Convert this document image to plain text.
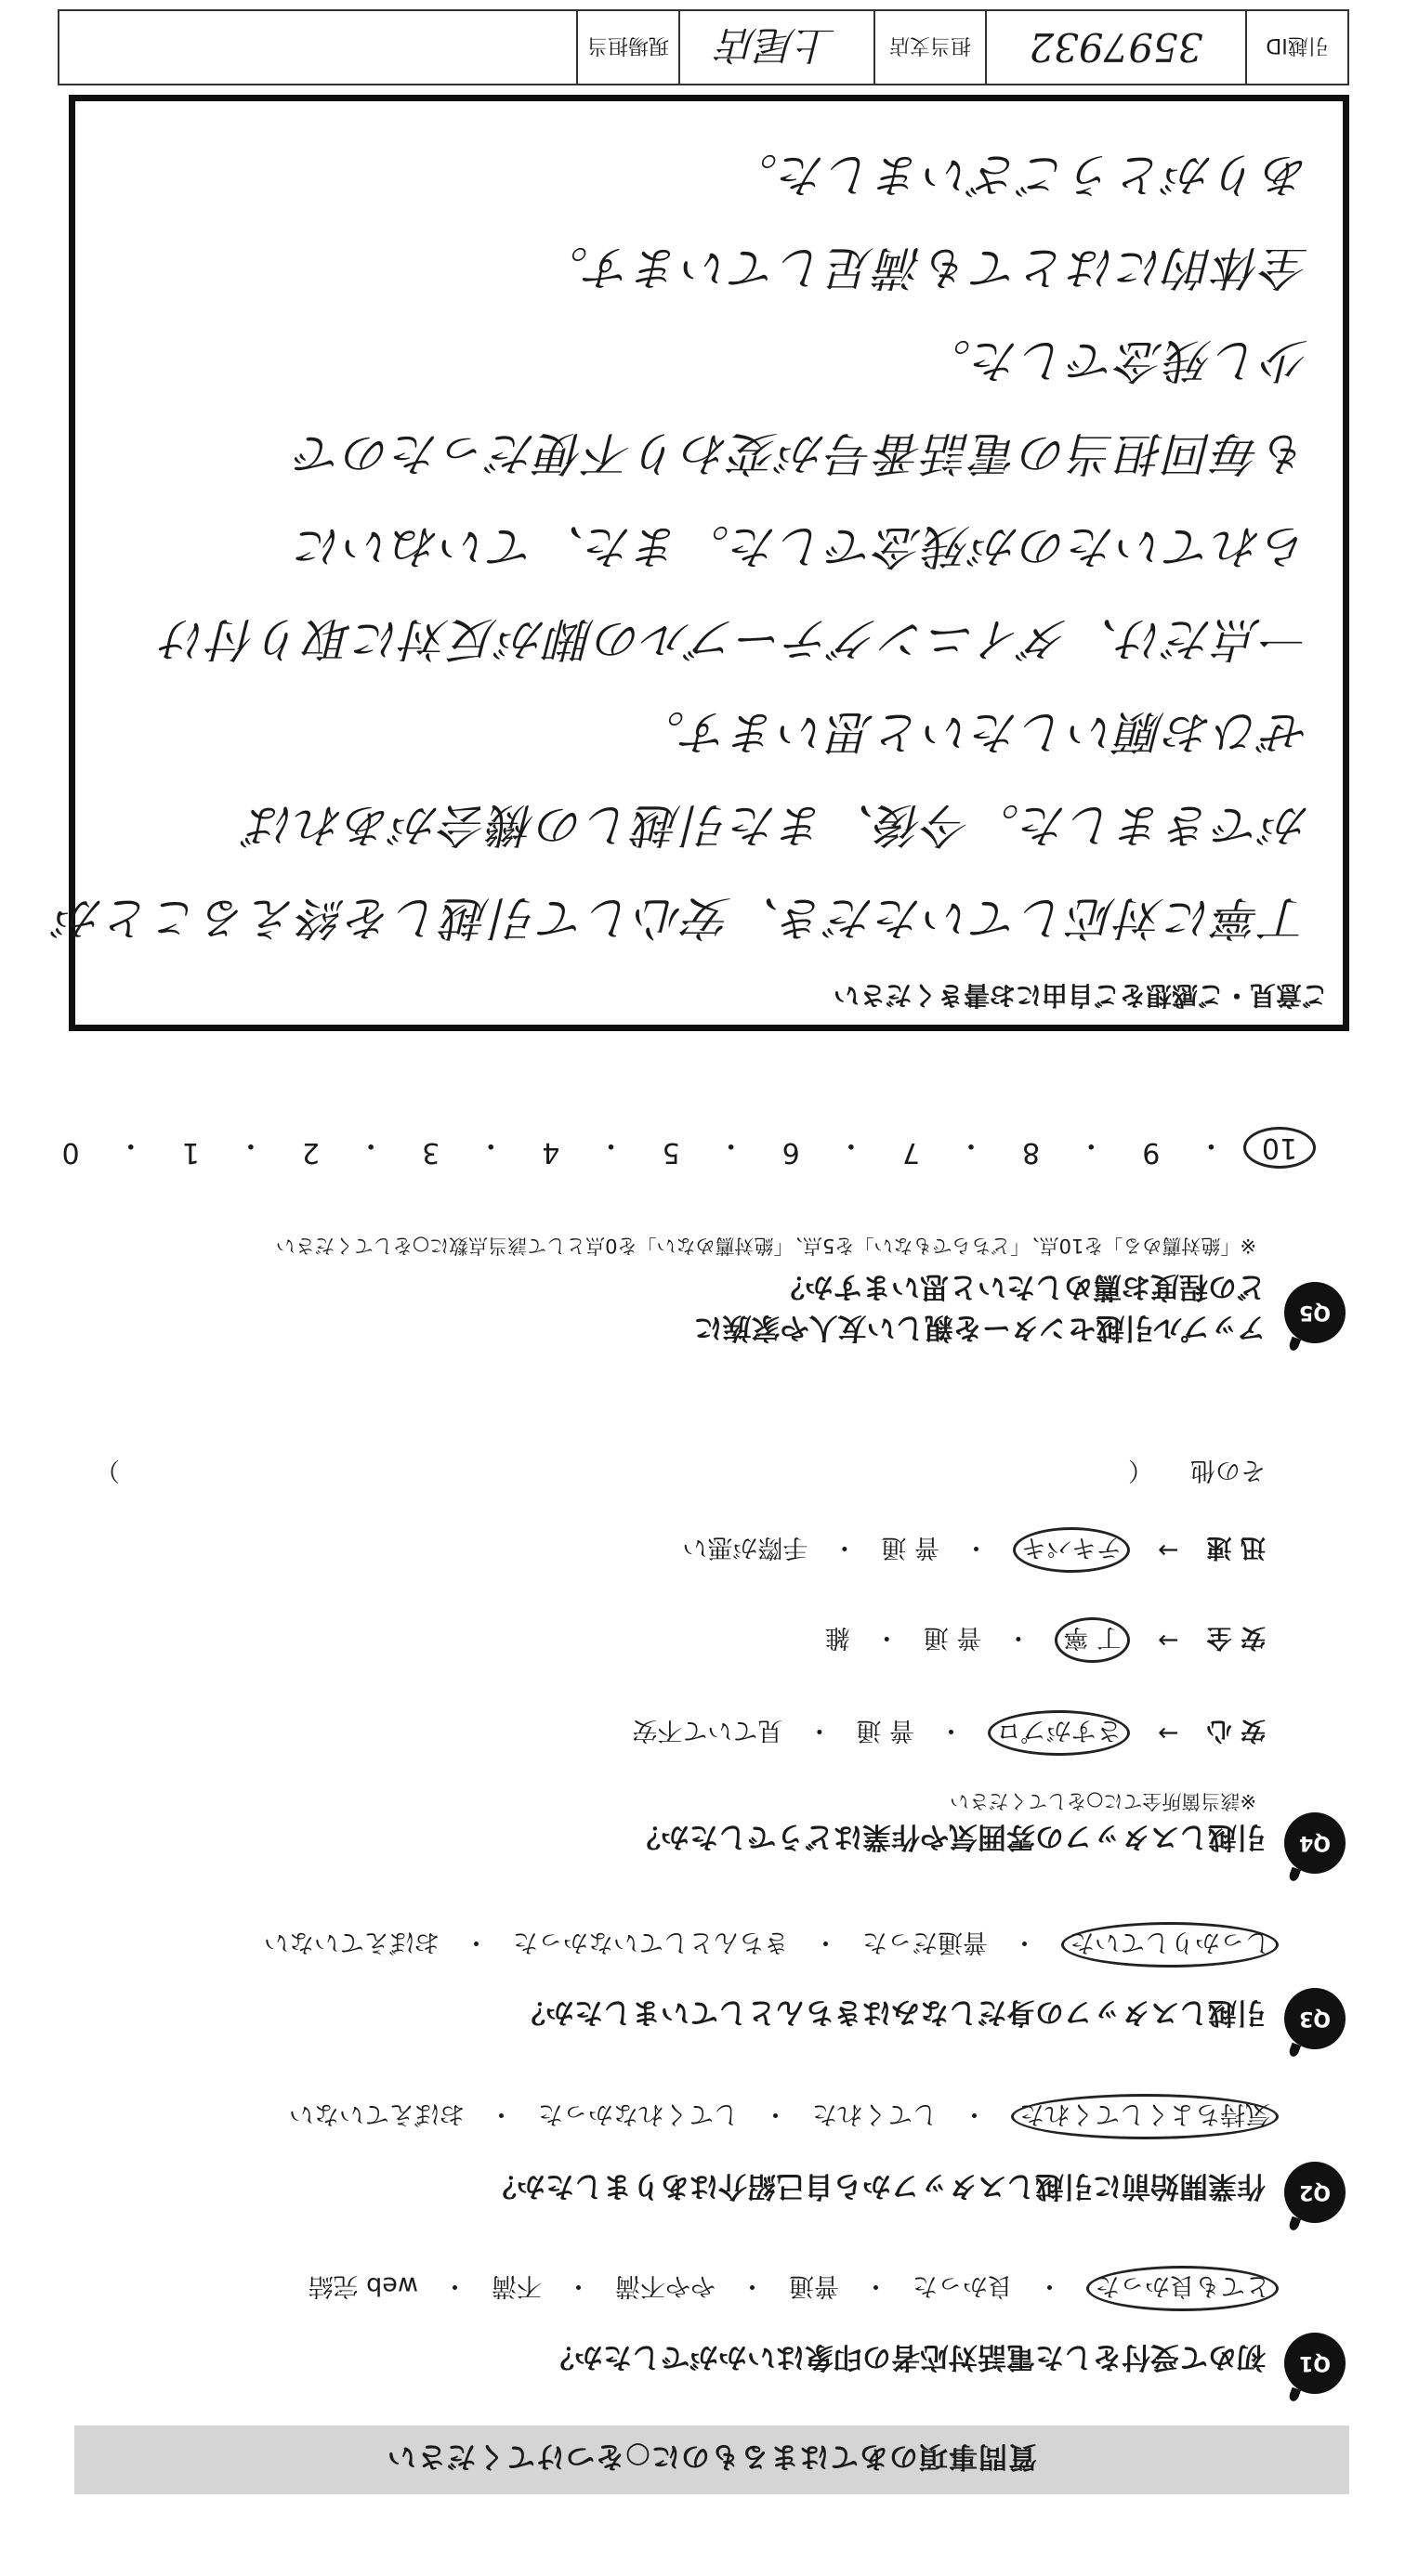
質問事項のあてはまるものに○をつけてください
Q1
初めて受付をした電話対応者の印象はいかがでしたか？
とても良かった
・
良かった
・
普通
・
やや不満
・
不満
・
web 完結
Q2
作業開始前に引越しスタッフから自己紹介はありましたか？
気持ちよくしてくれた
・
してくれた
・
してくれなかった
・
おぼえていない
Q3
引越しスタッフの身だしなみはきちんとしていましたか？
しっかりしていた
・
普通だった
・
きちんとしていなかった
・
おぼえていない
Q4
引越しスタッフの雰囲気や作業はどうでしたか？
※該当箇所全てに○をしてください
安 心
→
さすがプロ
・
普 通
・
見ていて不安
安 全
→
丁 寧
・
普 通
・
雑
迅 速
→
テキパキ
・
普 通
・
手際が悪い
その他
（
）
Q5
アップル引越センターを親しい友人や家族に
どの程度お薦めしたいと思いますか？
※「絶対薦める」を10点、「どちらでもない」を5点、「絶対薦めない」を0点として該当点数に○をしてください
10
・
9
・
8
・
7
・
6
・
5
・
4
・
3
・
2
・
1
・
0
ご意見・ご感想をご自由にお書きください
丁寧に対応していただき、安心して引越しを終えることが
ができました。今後、また引越しの機会があれば
ぜひお願いしたいと思います。
一点だけ、ダイニングテーブルの脚が反対に取り付け
られていたのが残念でした。また、ていねいに
も毎回担当の電話番号が変わり不便だったので
少し残念でした。
全体的にはとても満足しています。
ありがとうございました。
引越ID
3597932
担当支店
上尾店
現場担当
